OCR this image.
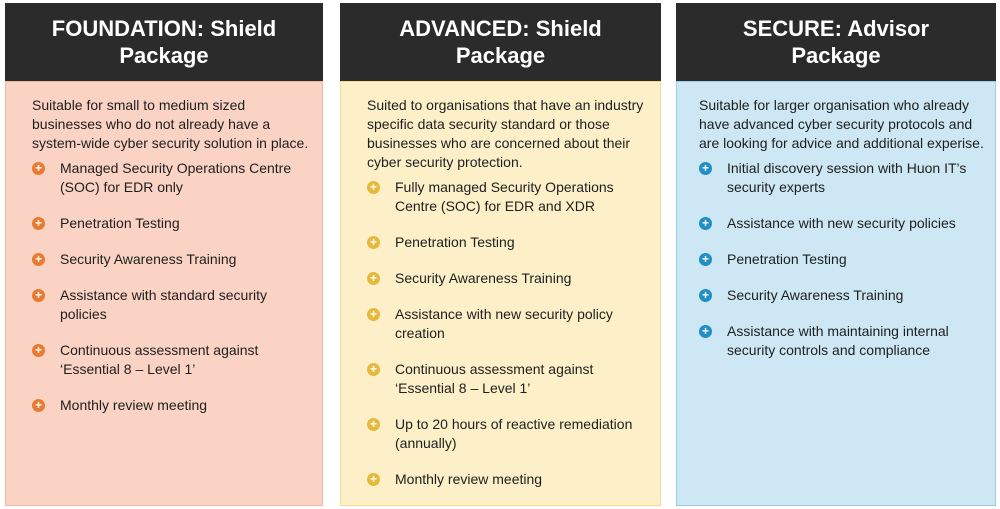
FOUNDATION: Shield
Package

Suitable for small to medium sized businesses who do not already have a system-wide cyber security solution in place.

+ Managed Security Operations Centre (SOC) for EDR only
+ Penetration Testing
+ Security Awareness Training
+ Assistance with standard security policies
+ Continuous assessment against ‘Essential 8 – Level 1’
+ Monthly review meeting
ADVANCED: Shield
Package

Suited to organisations that have an industry specific data security standard or those businesses who are concerned about their cyber security protection.

+ Fully managed Security Operations Centre (SOC) for EDR and XDR
+ Penetration Testing
+ Security Awareness Training
+ Assistance with new security policy creation
+ Continuous assessment against ‘Essential 8 – Level 1’
+ Up to 20 hours of reactive remediation (annually)
+ Monthly review meeting
SECURE: Advisor
Package

Suitable for larger organisation who already have advanced cyber security protocols and are looking for advice and additional experise.

+ Initial discovery session with Huon IT’s security experts
+ Assistance with new security policies
+ Penetration Testing
+ Security Awareness Training
+ Assistance with maintaining internal security controls and compliance
